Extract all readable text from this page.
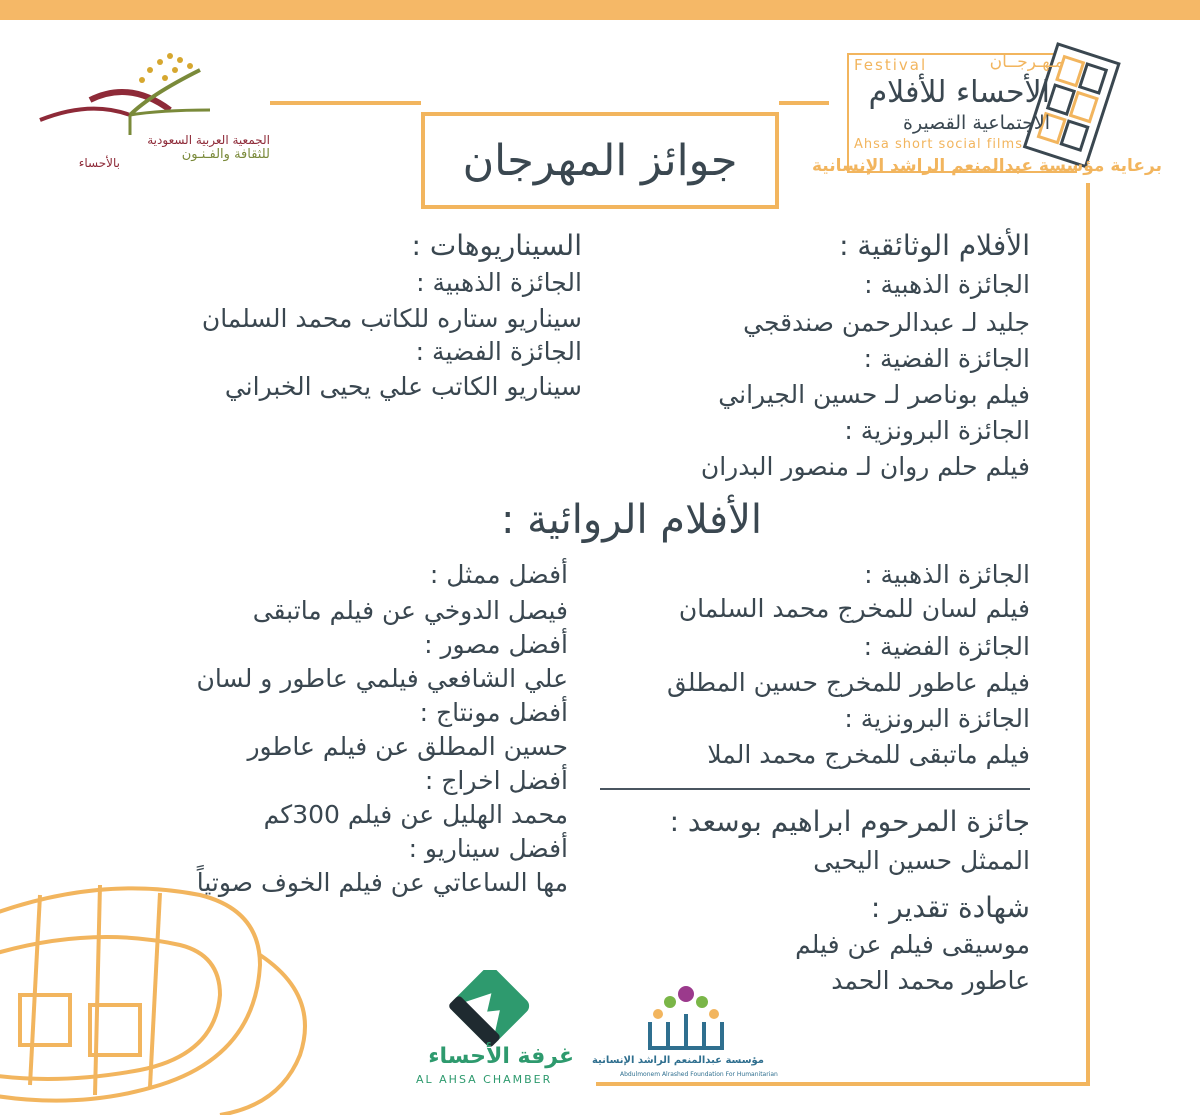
جوائز المهرجان
Festival	مـهـرجــان
الأحساء للأفلام
الاجتماعية القصيرة
Ahsa short social films
برعاية مؤسسة عبدالمنعم الراشد الإنسانية
الجمعية العربية السعودية
للثقافة والفـنـون
بالأحساء
الأفلام الوثائقية :
الجائزة الذهبية :
جليد لـ عبدالرحمن صندقجي
الجائزة الفضية :
فيلم بوناصر لـ حسين الجيراني
الجائزة البرونزية :
فيلم حلم روان لـ منصور البدران
السيناريوهات :
الجائزة الذهبية :
سيناريو ستاره للكاتب محمد السلمان
الجائزة الفضية :
سيناريو الكاتب علي يحيى الخبراني
الأفلام الروائية :
الجائزة الذهبية :
فيلم لسان للمخرج محمد السلمان
الجائزة الفضية :
فيلم عاطور للمخرج حسين المطلق
الجائزة البرونزية :
فيلم ماتبقى للمخرج محمد الملا
جائزة المرحوم ابراهيم بوسعد :
الممثل حسين اليحيى
شهادة تقدير :
موسيقى فيلم عن فيلم
عاطور محمد الحمد
أفضل ممثل :
فيصل الدوخي عن فيلم ماتبقى
أفضل مصور :
علي الشافعي فيلمي عاطور و لسان
أفضل مونتاج :
حسين المطلق عن فيلم عاطور
أفضل اخراج :
محمد الهليل عن فيلم 300كم
أفضل سيناريو :
مها الساعاتي عن فيلم الخوف صوتياً
غرفة الأحساء
AL AHSA CHAMBER
مؤسسة عبدالمنعم الراشد الإنسانية
Abdulmonem Alrashed Foundation For Humanitarian
